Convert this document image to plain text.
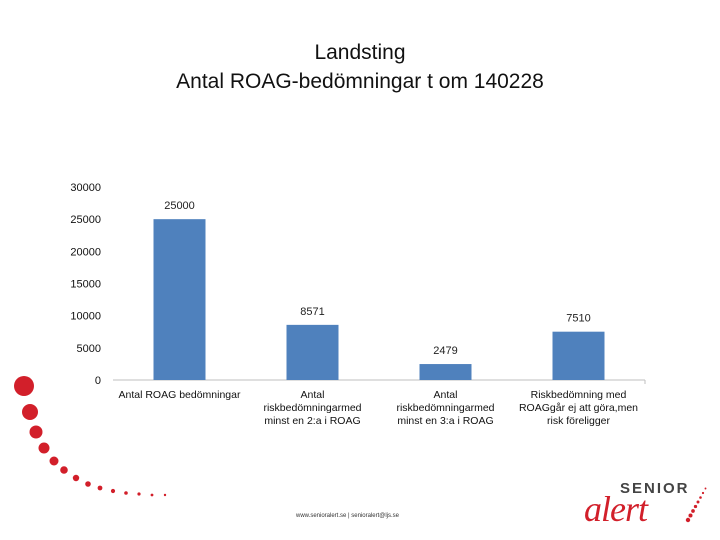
Landsting
Antal ROAG-bedömningar t om 140228
0
5000
10000
15000
20000
25000
30000
25000
Antal ROAG bedömningar
8571
Antal riskbedömningarmed minst en 2:a i ROAG
2479
Antal riskbedömningarmed minst en 3:a i ROAG
7510
Riskbedömning med ROAGgår ej att göra,men risk föreligger
2= ohälsa i munnen som vård- och
omsorgspersonal ska åtgärda
3= ohälsa i munnen som tandvård
och läkare ska åtgärda
www.senioralert.se | senioralert@ljs.se
SENIOR
alert
